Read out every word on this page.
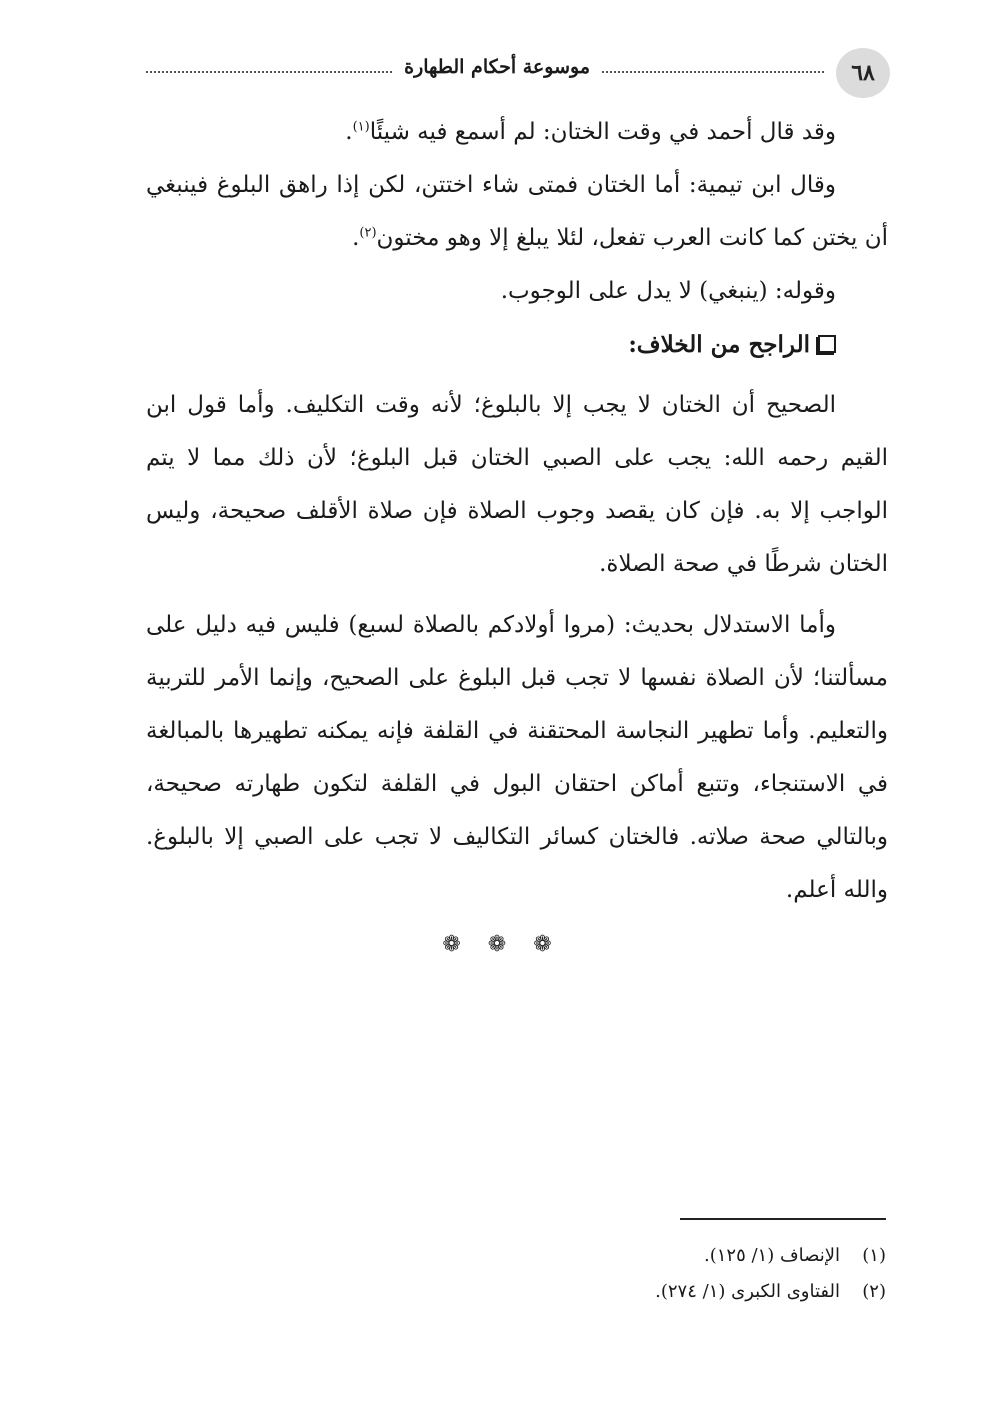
٦٨
موسوعة أحكام الطهارة

وقد قال أحمد في وقت الختان: لم أسمع فيه شيئًا$^{(١)}$.

وقال ابن تيمية: أما الختان فمتى شاء اختتن، لكن إذا راهق البلوغ فينبغي أن يختن كما كانت العرب تفعل، لئلا يبلغ إلا وهو مختون$^{(٢)}$.

وقوله: (ينبغي) لا يدل على الوجوب.

الراجح من الخلاف:

الصحيح أن الختان لا يجب إلا بالبلوغ؛ لأنه وقت التكليف. وأما قول ابن القيم رحمه الله: يجب على الصبي الختان قبل البلوغ؛ لأن ذلك مما لا يتم الواجب إلا به. فإن كان يقصد وجوب الصلاة فإن صلاة الأقلف صحيحة، وليس الختان شرطًا في صحة الصلاة.

وأما الاستدلال بحديث: (مروا أولادكم بالصلاة لسبع) فليس فيه دليل على مسألتنا؛ لأن الصلاة نفسها لا تجب قبل البلوغ على الصحيح، وإنما الأمر للتربية والتعليم. وأما تطهير النجاسة المحتقنة في القلفة فإنه يمكنه تطهيرها بالمبالغة في الاستنجاء، وتتبع أماكن احتقان البول في القلفة لتكون طهارته صحيحة، وبالتالي صحة صلاته. فالختان كسائر التكاليف لا تجب على الصبي إلا بالبلوغ. والله أعلم.

❁ ❁ ❁
(١)الإنصاف (١/ ١٢٥).
(٢)الفتاوى الكبرى (١/ ٢٧٤).
